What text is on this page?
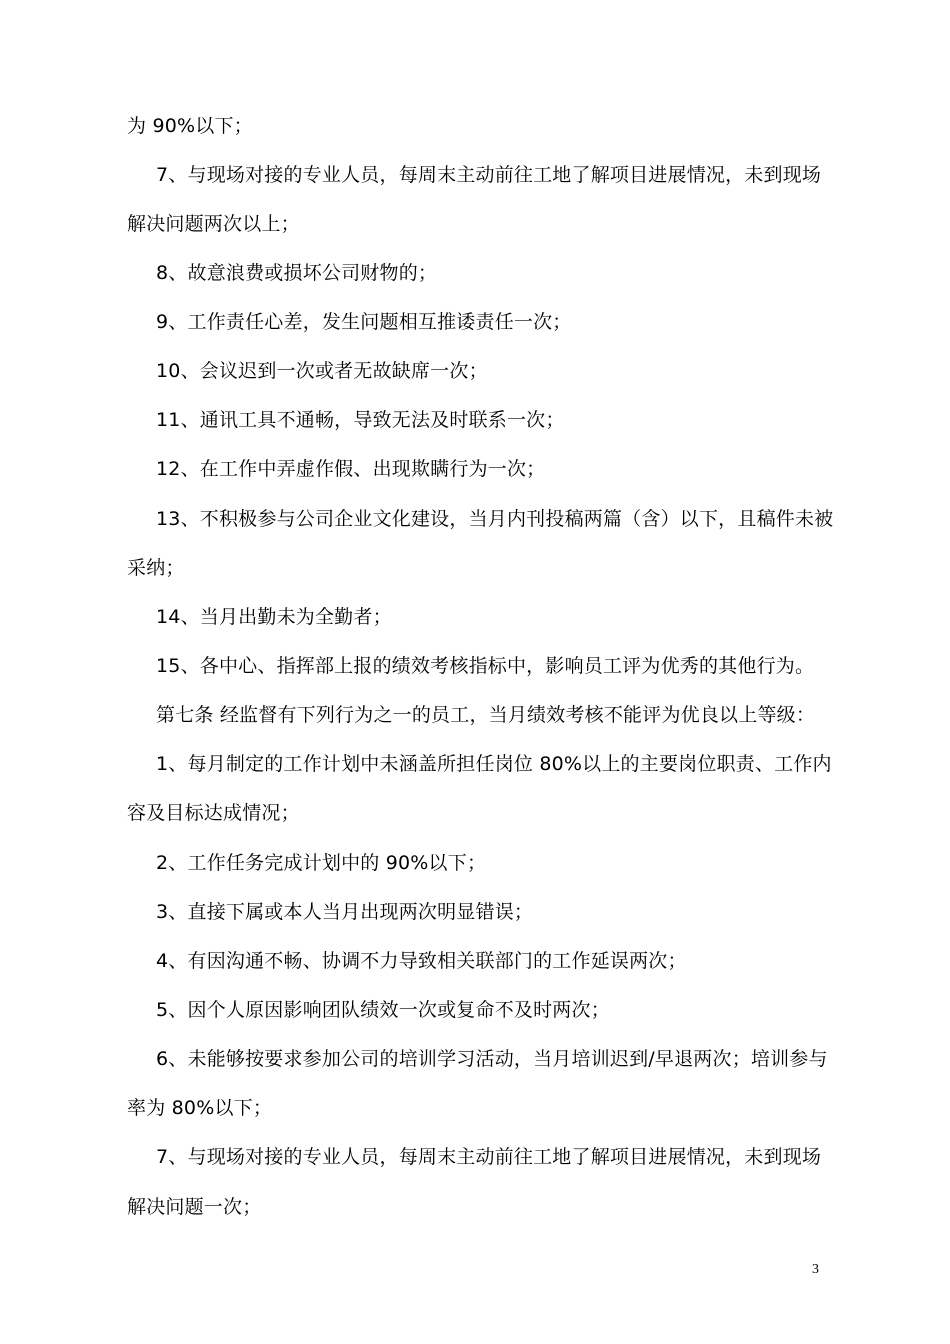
为 90%以下；
7、与现场对接的专业人员，每周末主动前往工地了解项目进展情况，未到现场
解决问题两次以上；
8、故意浪费或损坏公司财物的；
9、工作责任心差，发生问题相互推诿责任一次；
10、会议迟到一次或者无故缺席一次；
11、通讯工具不通畅，导致无法及时联系一次；
12、在工作中弄虚作假、出现欺瞒行为一次；
13、不积极参与公司企业文化建设，当月内刊投稿两篇（含）以下，且稿件未被
采纳；
14、当月出勤未为全勤者；
15、各中心、指挥部上报的绩效考核指标中，影响员工评为优秀的其他行为。
第七条 经监督有下列行为之一的员工，当月绩效考核不能评为优良以上等级：
1、每月制定的工作计划中未涵盖所担任岗位 80%以上的主要岗位职责、工作内
容及目标达成情况；
2、工作任务完成计划中的 90%以下；
3、直接下属或本人当月出现两次明显错误；
4、有因沟通不畅、协调不力导致相关联部门的工作延误两次；
5、因个人原因影响团队绩效一次或复命不及时两次；
6、未能够按要求参加公司的培训学习活动，当月培训迟到/早退两次；培训参与
率为 80%以下；
7、与现场对接的专业人员，每周末主动前往工地了解项目进展情况，未到现场
解决问题一次；
3
